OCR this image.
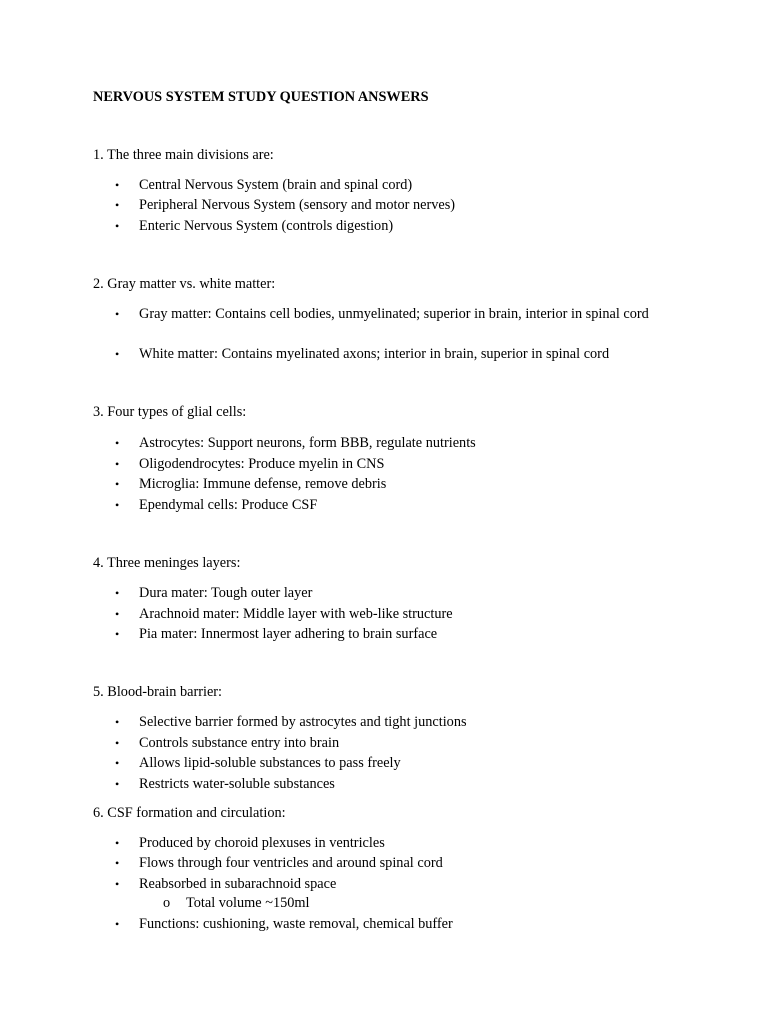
NERVOUS SYSTEM STUDY QUESTION ANSWERS
1. The three main divisions are:
• Central Nervous System (brain and spinal cord)
• Peripheral Nervous System (sensory and motor nerves)
• Enteric Nervous System (controls digestion)
2. Gray matter vs. white matter:
• Gray matter: Contains cell bodies, unmyelinated; superior in brain, interior in spinal cord
• White matter: Contains myelinated axons; interior in brain, superior in spinal cord
3. Four types of glial cells:
• Astrocytes: Support neurons, form BBB, regulate nutrients
• Oligodendrocytes: Produce myelin in CNS
• Microglia: Immune defense, remove debris
• Ependymal cells: Produce CSF
4. Three meninges layers:
• Dura mater: Tough outer layer
• Arachnoid mater: Middle layer with web-like structure
• Pia mater: Innermost layer adhering to brain surface
5. Blood-brain barrier:
• Selective barrier formed by astrocytes and tight junctions
• Controls substance entry into brain
• Allows lipid-soluble substances to pass freely
• Restricts water-soluble substances
6. CSF formation and circulation:
• Produced by choroid plexuses in ventricles
• Flows through four ventricles and around spinal cord
• Reabsorbed in subarachnoid space
o Total volume ~150ml
• Functions: cushioning, waste removal, chemical buffer
